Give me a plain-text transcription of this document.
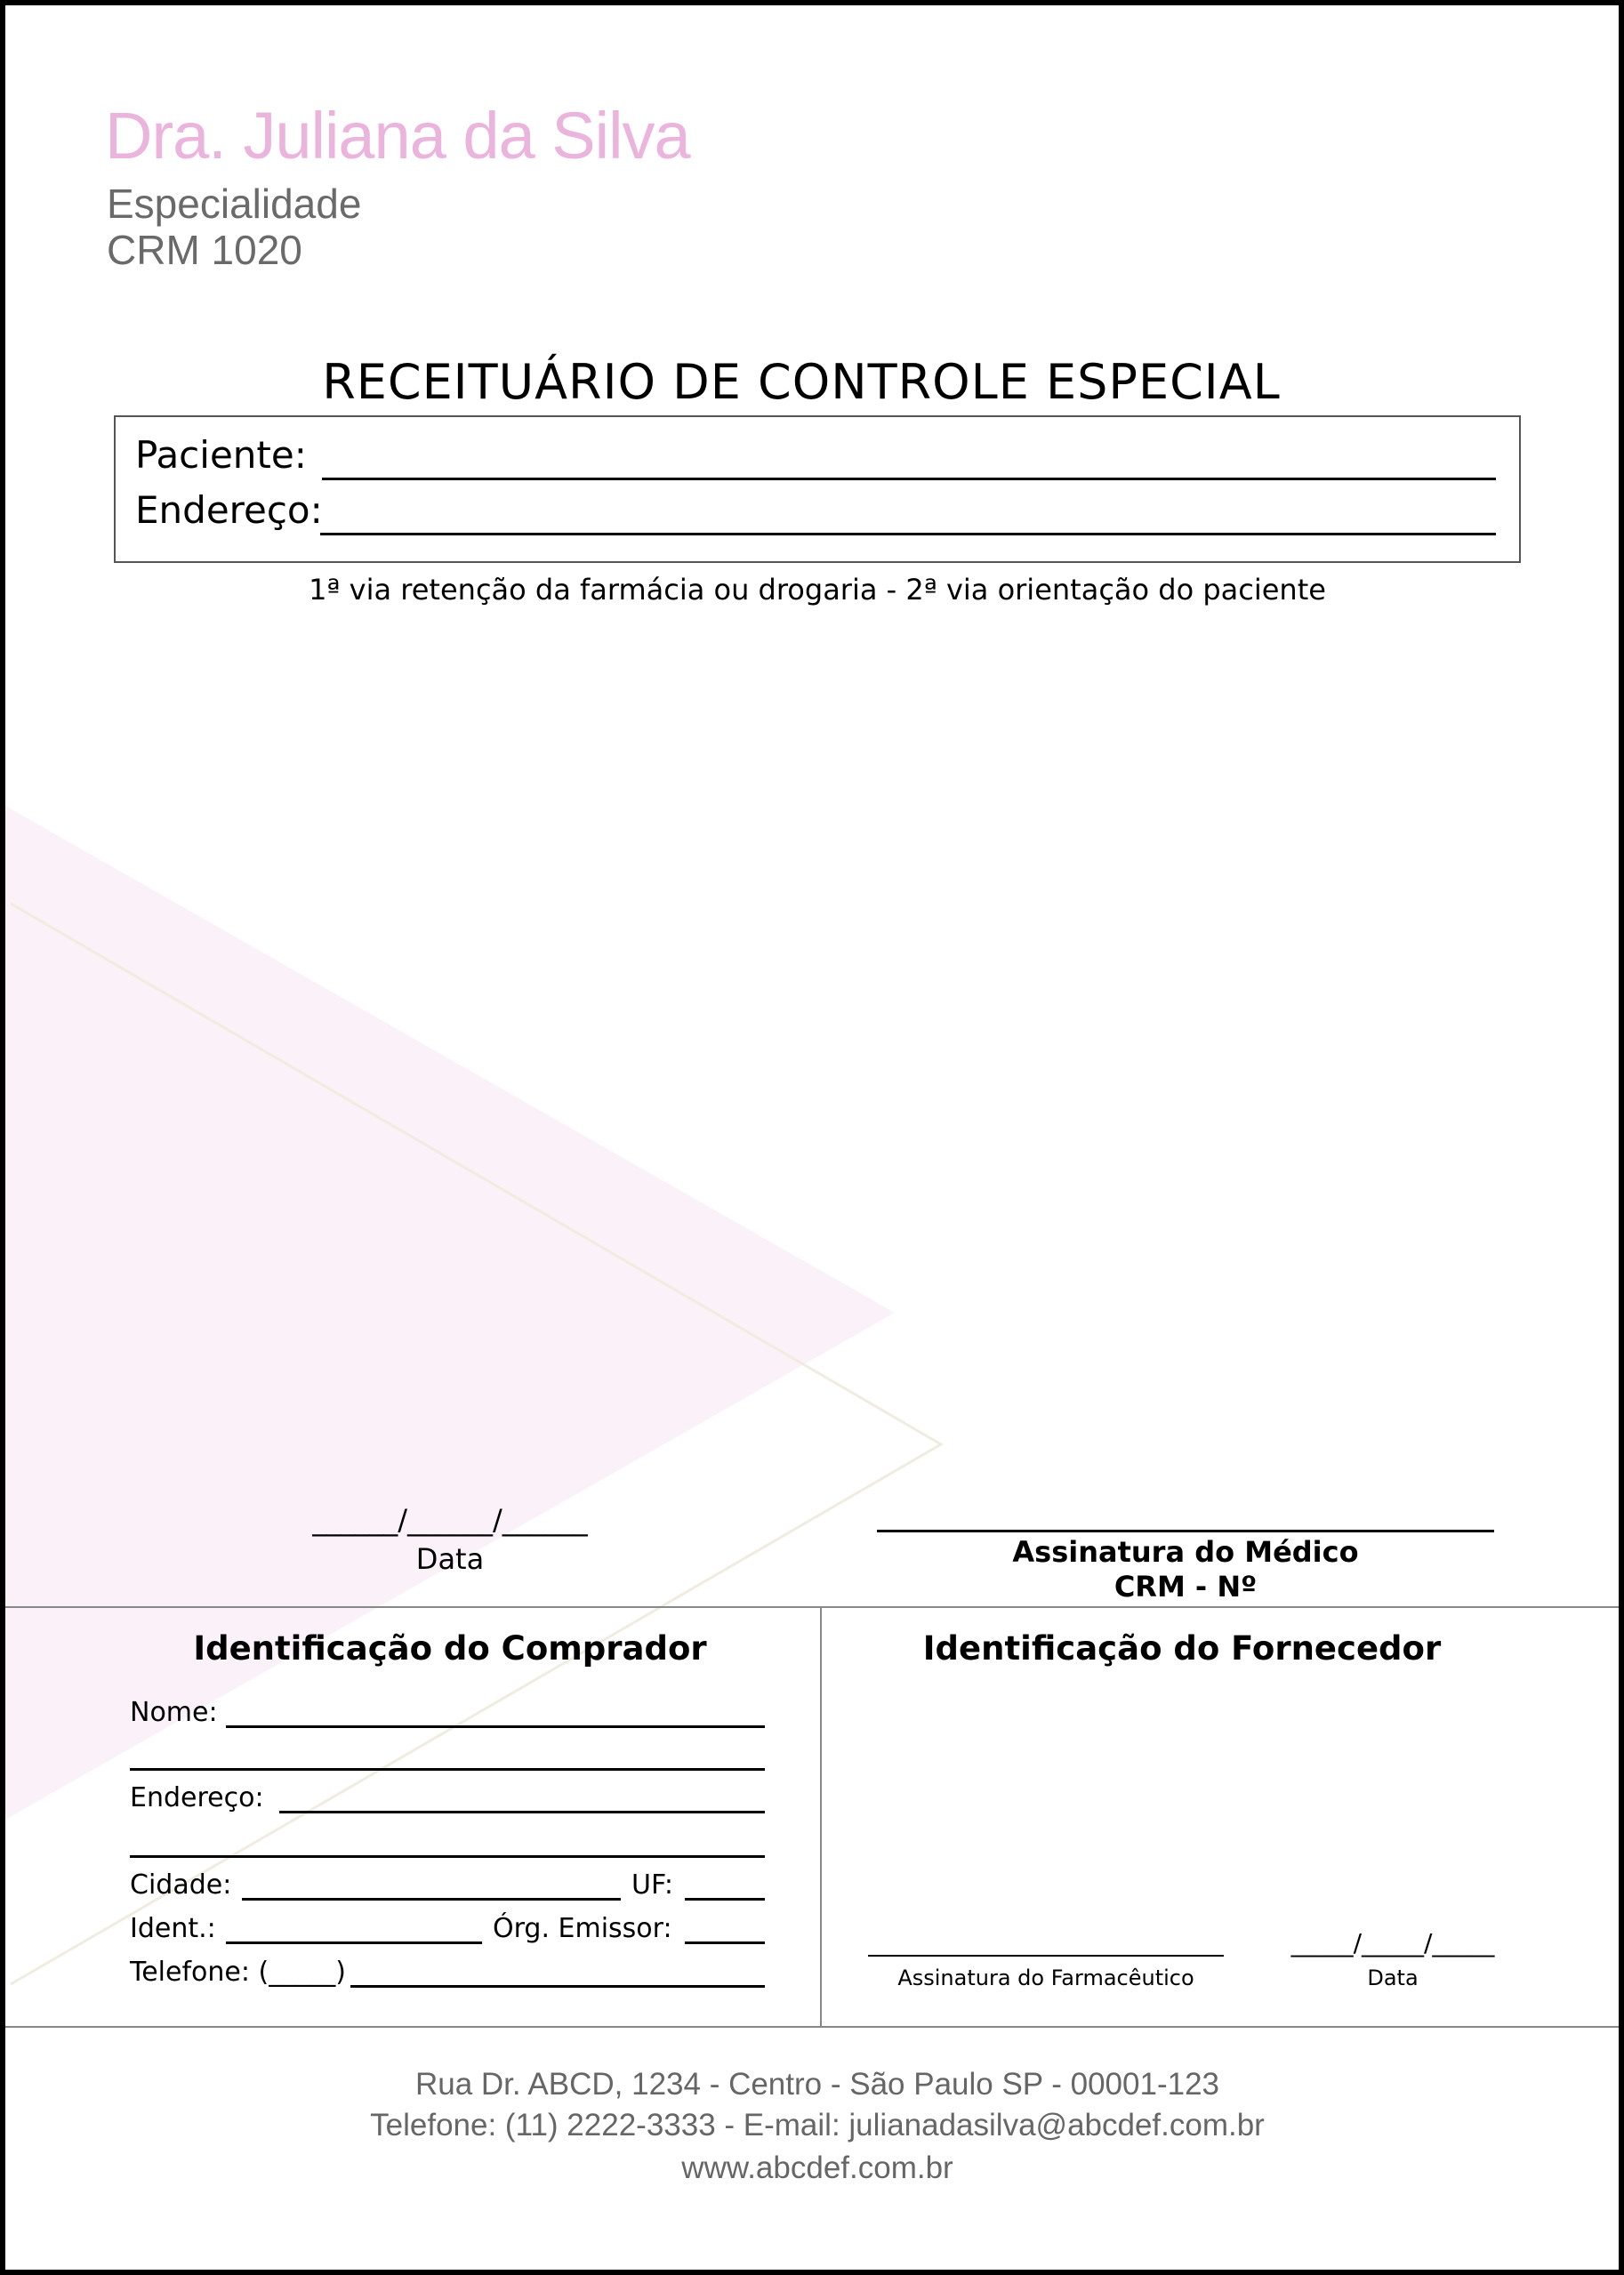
Dra. Juliana da Silva
Especialidade
CRM 1020
RECEITUÁRIO DE CONTROLE ESPECIAL
Paciente:
Endereço:
1ª via retenção da farmácia ou drogaria - 2ª via orientação do paciente
______/______/______
Data	Assinatura do Médico
CRM - Nº
Identificação do Comprador
Nome:
Endereço:
Cidade:	UF:
Ident.:	Órg. Emissor:
Telefone: (_____)
Identificação do Fornecedor
_____/_____/_____
Assinatura do Farmacêutico	Data
Rua Dr. ABCD, 1234 - Centro - São Paulo SP - 00001-123
Telefone: (11) 2222-3333 - E-mail: julianadasilva@abcdef.com.br
www.abcdef.com.br
